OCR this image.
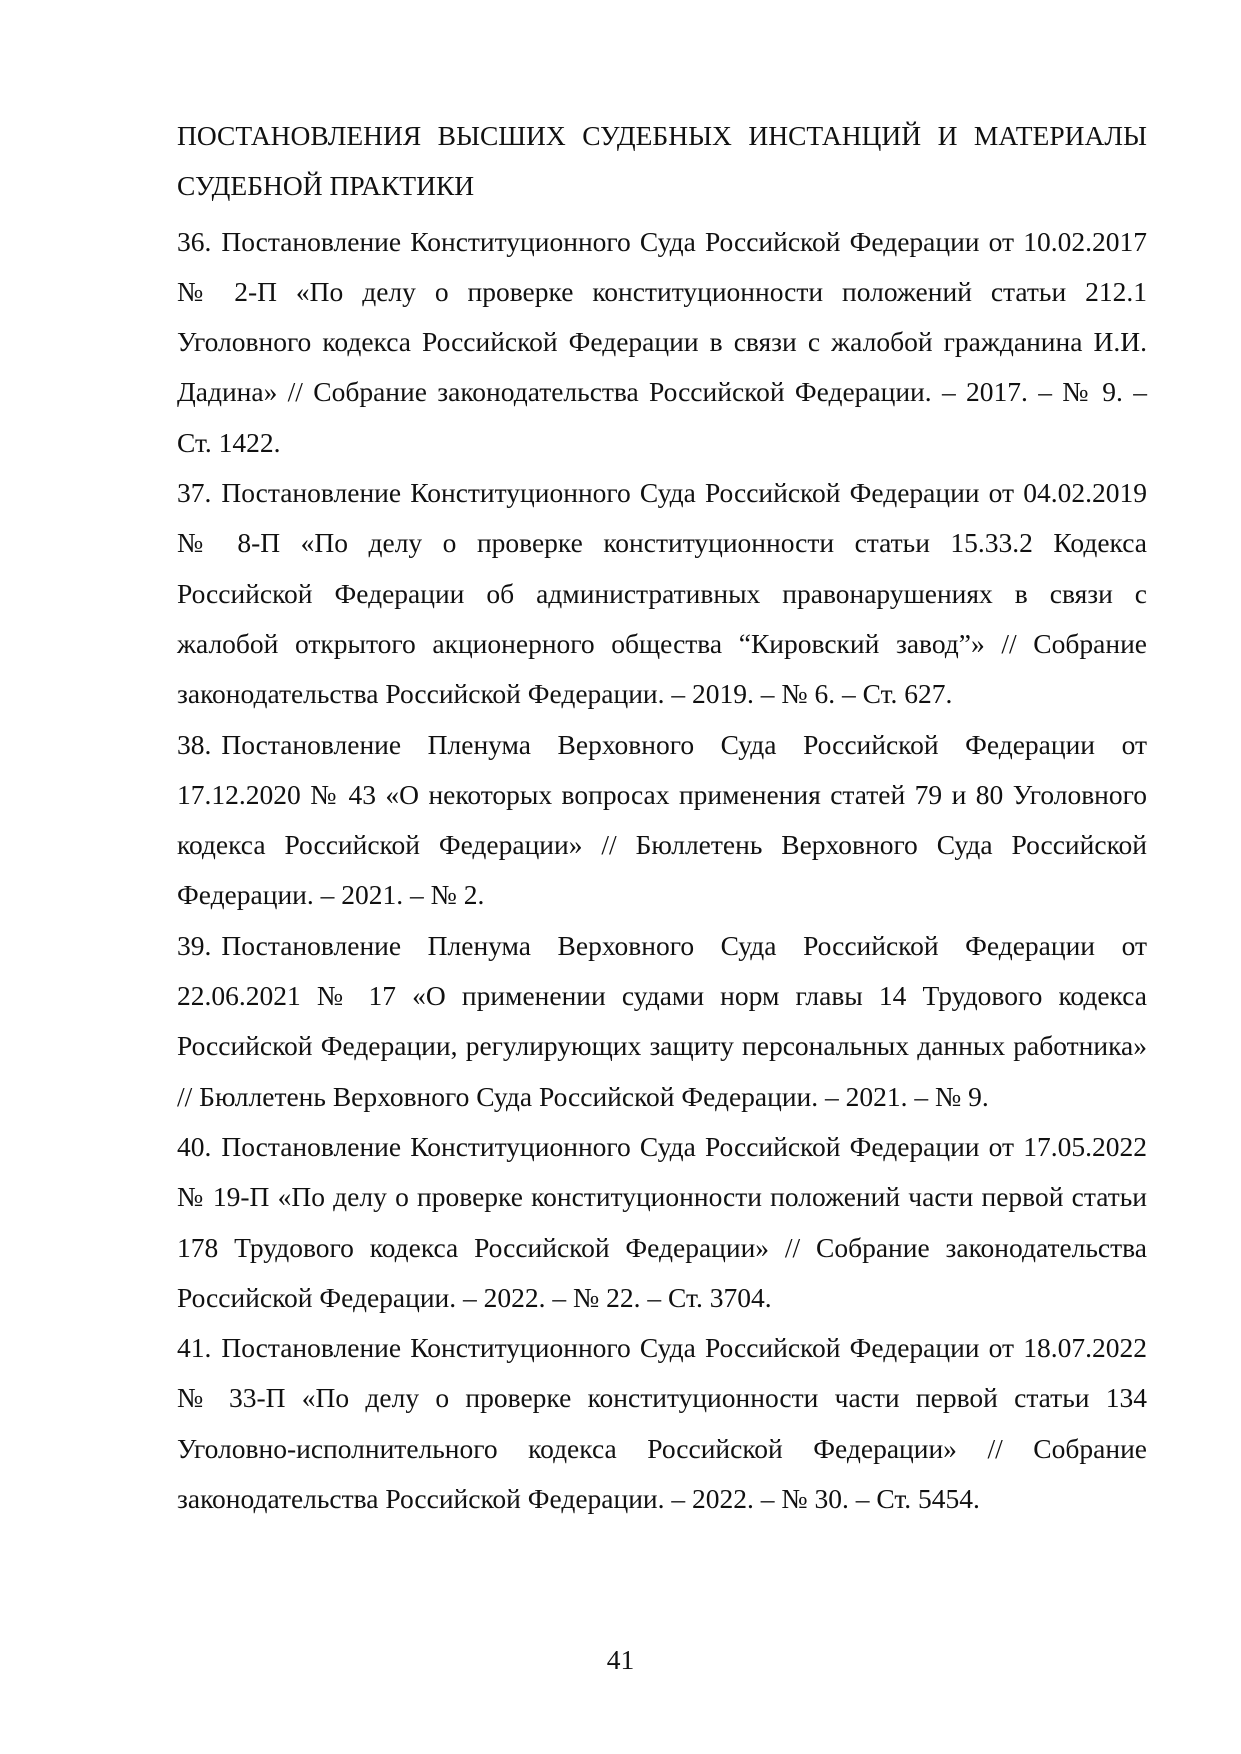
ПОСТАНОВЛЕНИЯ ВЫСШИХ СУДЕБНЫХ ИНСТАНЦИЙ И МАТЕРИАЛЫ СУДЕБНОЙ ПРАКТИКИ

36. Постановление Конституционного Суда Российской Федерации от 10.02.2017 № 2-П «По делу о проверке конституционности положений статьи 212.1 Уголовного кодекса Российской Федерации в связи с жалобой гражданина И.И. Дадина» // Собрание законодательства Российской Федерации. – 2017. – № 9. – Ст. 1422.

37. Постановление Конституционного Суда Российской Федерации от 04.02.2019 № 8-П «По делу о проверке конституционности статьи 15.33.2 Кодекса Российской Федерации об административных правонарушениях в связи с жалобой открытого акционерного общества “Кировский завод”» // Собрание законодательства Российской Федерации. – 2019. – № 6. – Ст. 627.

38. Постановление Пленума Верховного Суда Российской Федерации от 17.12.2020 № 43 «О некоторых вопросах применения статей 79 и 80 Уголовного кодекса Российской Федерации» // Бюллетень Верховного Суда Российской Федерации. – 2021. – № 2.

39. Постановление Пленума Верховного Суда Российской Федерации от 22.06.2021 № 17 «О применении судами норм главы 14 Трудового кодекса Российской Федерации, регулирующих защиту персональных данных работника» // Бюллетень Верховного Суда Российской Федерации. – 2021. – № 9.

40. Постановление Конституционного Суда Российской Федерации от 17.05.2022 № 19-П «По делу о проверке конституционности положений части первой статьи 178 Трудового кодекса Российской Федерации» // Собрание законодательства Российской Федерации. – 2022. – № 22. – Ст. 3704.

41. Постановление Конституционного Суда Российской Федерации от 18.07.2022 № 33-П «По делу о проверке конституционности части первой статьи 134 Уголовно-исполнительного кодекса Российской Федерации» // Собрание законодательства Российской Федерации. – 2022. – № 30. – Ст. 5454.

41
